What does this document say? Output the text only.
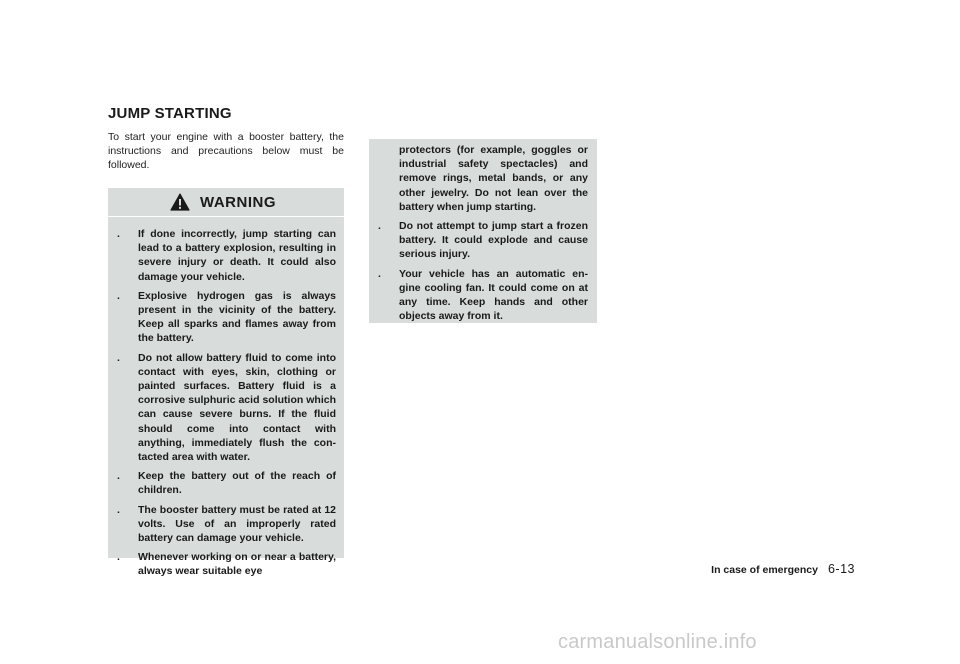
JUMP STARTING
To start your engine with a booster battery, the instructions and precautions below must be followed.
WARNING
. If done incorrectly, jump starting can lead to a battery explosion, resulting in severe injury or death. It could also damage your vehicle.
. Explosive hydrogen gas is always present in the vicinity of the battery. Keep all sparks and flames away from the battery.
. Do not allow battery fluid to come into contact with eyes, skin, clothing or painted surfaces. Battery fluid is a corrosive sulphuric acid solution which can cause severe burns. If the fluid should come into contact with anything, immediately flush the con-tacted area with water.
. Keep the battery out of the reach of children.
. The booster battery must be rated at 12 volts. Use of an improperly rated battery can damage your vehicle.
. Whenever working on or near a battery, always wear suitable eye
protectors (for example, goggles or industrial safety spectacles) and remove rings, metal bands, or any other jewelry. Do not lean over the battery when jump starting.
. Do not attempt to jump start a frozen battery. It could explode and cause serious injury.
. Your vehicle has an automatic en-gine cooling fan. It could come on at any time. Keep hands and other objects away from it.
In case of emergency 6-13
carmanualsonline.info
